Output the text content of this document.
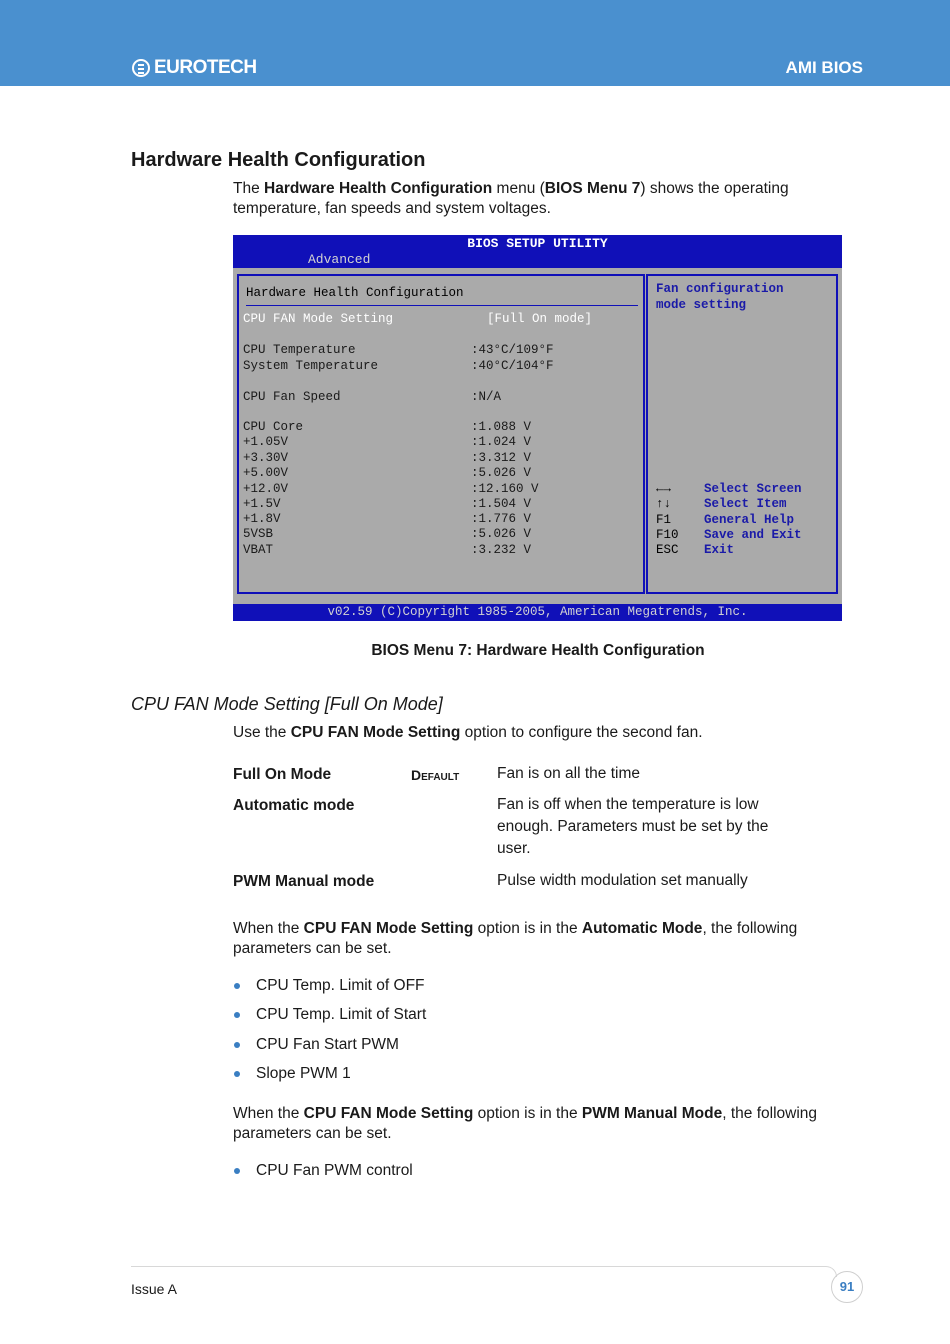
EUROTECH	AMI BIOS
Hardware Health Configuration

The Hardware Health Configuration menu (BIOS Menu 7) shows the operating temperature, fan speeds and system voltages.

BIOS SETUP UTILITY
Advanced
Hardware Health Configuration
CPU FAN Mode Setting	[Full On mode]
CPU Temperature	:43°C/109°F
System Temperature	:40°C/104°F
CPU Fan Speed	:N/A
CPU Core	:1.088 V
+1.05V	:1.024 V
+3.30V	:3.312 V
+5.00V	:5.026 V
+12.0V	:12.160 V
+1.5V	:1.504 V
+1.8V	:1.776 V
5VSB	:5.026 V
VBAT	:3.232 V
Fan configuration
mode setting
←→	Select Screen
↑↓	Select Item
F1	General Help
F10 Save and Exit
ESC Exit
v02.59 (C)Copyright 1985-2005, American Megatrends, Inc.
BIOS Menu 7: Hardware Health Configuration
CPU FAN Mode Setting [Full On Mode]

Use the CPU FAN Mode Setting option to configure the second fan.

Full On Mode	Default Fan is on all the time
Automatic mode	Fan is off when the temperature is low enough. Parameters must be set by the user.
PWM Manual mode	Pulse width modulation set manually

When the CPU FAN Mode Setting option is in the Automatic Mode, the following parameters can be set.

CPU Temp. Limit of OFF
CPU Temp. Limit of Start
CPU Fan Start PWM
Slope PWM 1

When the CPU FAN Mode Setting option is in the PWM Manual Mode, the following parameters can be set.

CPU Fan PWM control
Issue A	91
